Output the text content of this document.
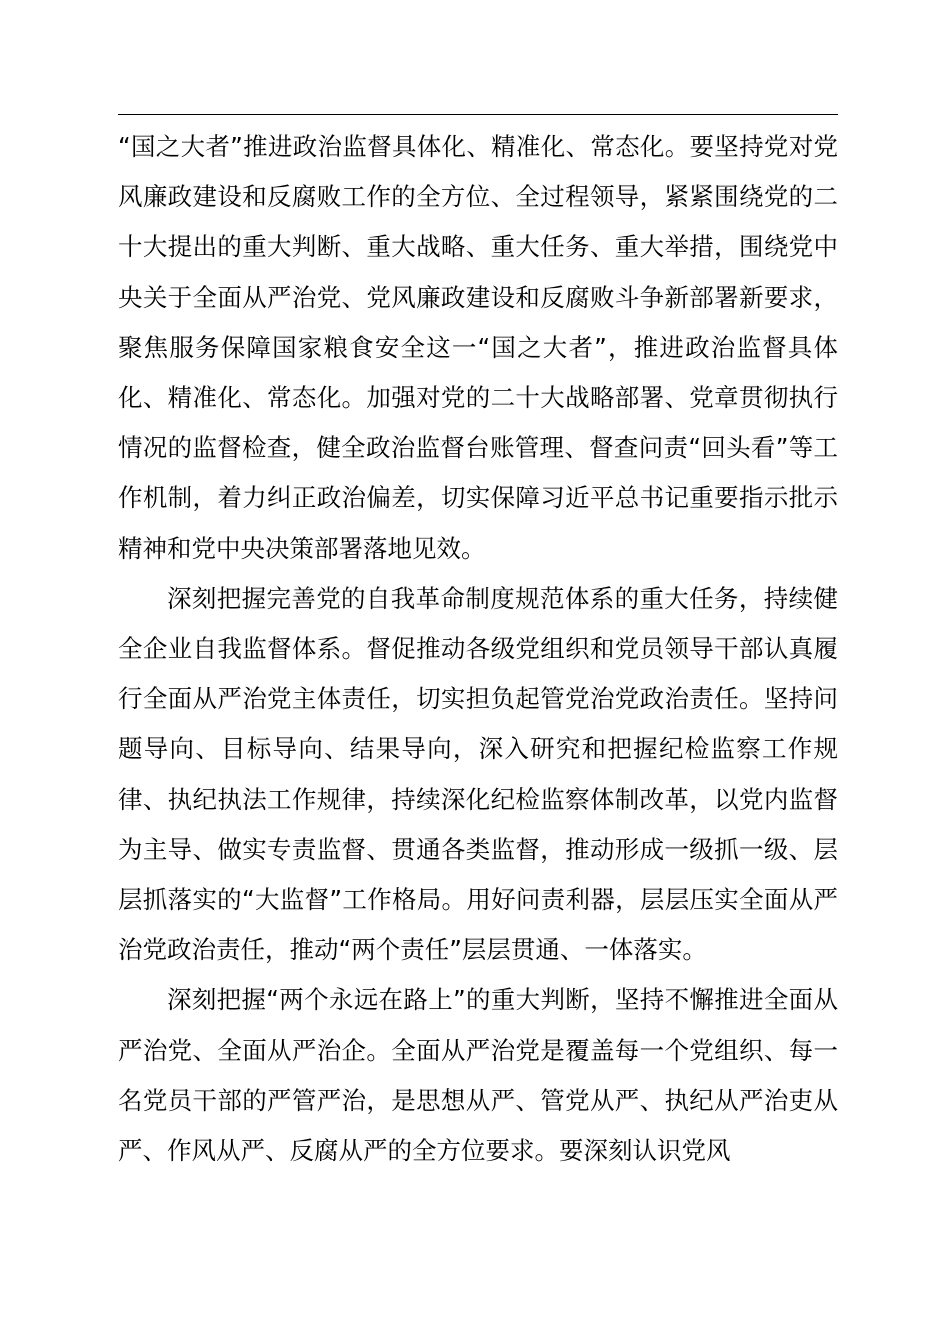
“国之大者”推进政治监督具体化、精准化、常态化。要坚持党对党风廉政建设和反腐败工作的全方位、全过程领导，紧紧围绕党的二十大提出的重大判断、重大战略、重大任务、重大举措，围绕党中央关于全面从严治党、党风廉政建设和反腐败斗争新部署新要求，聚焦服务保障国家粮食安全这一“国之大者”，推进政治监督具体化、精准化、常态化。加强对党的二十大战略部署、党章贯彻执行情况的监督检查，健全政治监督台账管理、督查问责“回头看”等工作机制，着力纠正政治偏差，切实保障习近平总书记重要指示批示精神和党中央决策部署落地见效。

深刻把握完善党的自我革命制度规范体系的重大任务，持续健全企业自我监督体系。督促推动各级党组织和党员领导干部认真履行全面从严治党主体责任，切实担负起管党治党政治责任。坚持问题导向、目标导向、结果导向，深入研究和把握纪检监察工作规律、执纪执法工作规律，持续深化纪检监察体制改革，以党内监督为主导、做实专责监督、贯通各类监督，推动形成一级抓一级、层层抓落实的“大监督”工作格局。用好问责利器，层层压实全面从严治党政治责任，推动“两个责任”层层贯通、一体落实。

深刻把握“两个永远在路上”的重大判断，坚持不懈推进全面从严治党、全面从严治企。全面从严治党是覆盖每一个党组织、每一名党员干部的严管严治，是思想从严、管党从严、执纪从严治吏从严、作风从严、反腐从严的全方位要求。要深刻认识党风
